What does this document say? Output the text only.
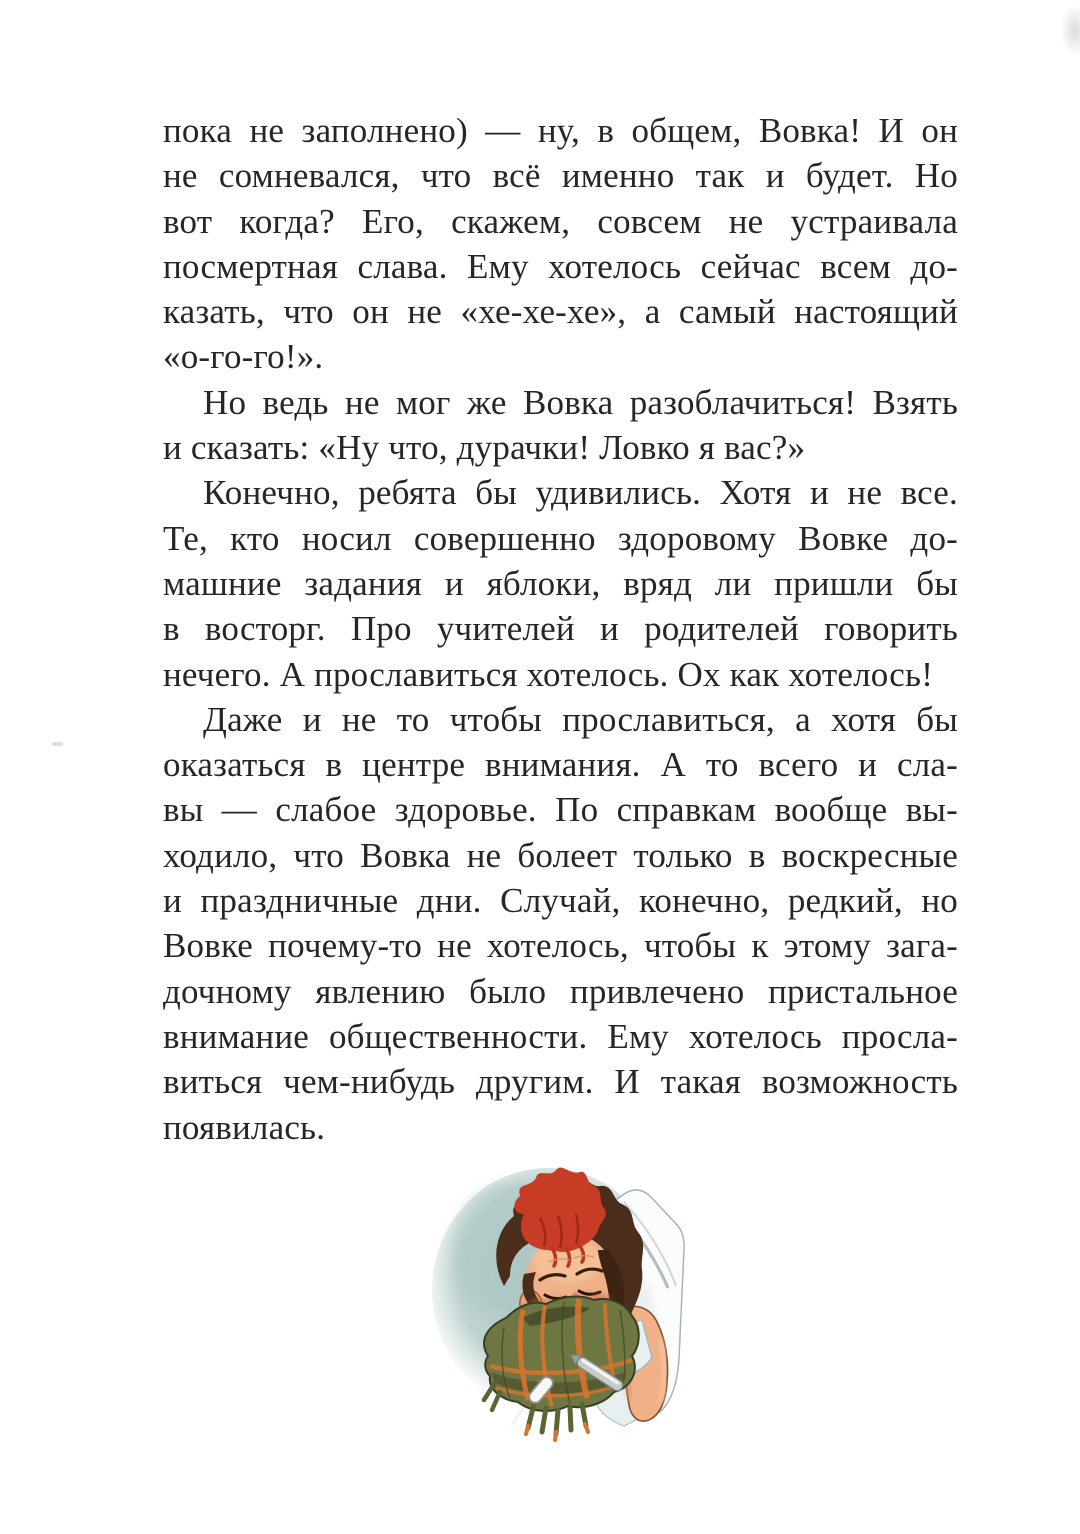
пока не заполнено) — ну, в общем, Вовка! И он
не сомневался, что всё именно так и будет. Но
вот когда? Его, скажем, совсем не устраивала
посмертная слава. Ему хотелось сейчас всем до-
казать, что он не «хе-хе-хе», а самый настоящий
«о-го-го!».
Но ведь не мог же Вовка разоблачиться! Взять
и сказать: «Ну что, дурачки! Ловко я вас?»
Конечно, ребята бы удивились. Хотя и не все.
Те, кто носил совершенно здоровому Вовке до-
машние задания и яблоки, вряд ли пришли бы
в восторг. Про учителей и родителей говорить
нечего. А прославиться хотелось. Ох как хотелось!
Даже и не то чтобы прославиться, а хотя бы
оказаться в центре внимания. А то всего и сла-
вы — слабое здоровье. По справкам вообще вы-
ходило, что Вовка не болеет только в воскресные
и праздничные дни. Случай, конечно, редкий, но
Вовке почему-то не хотелось, чтобы к этому зага-
дочному явлению было привлечено пристальное
внимание общественности. Ему хотелось просла-
виться чем-нибудь другим. И такая возможность
появилась.
